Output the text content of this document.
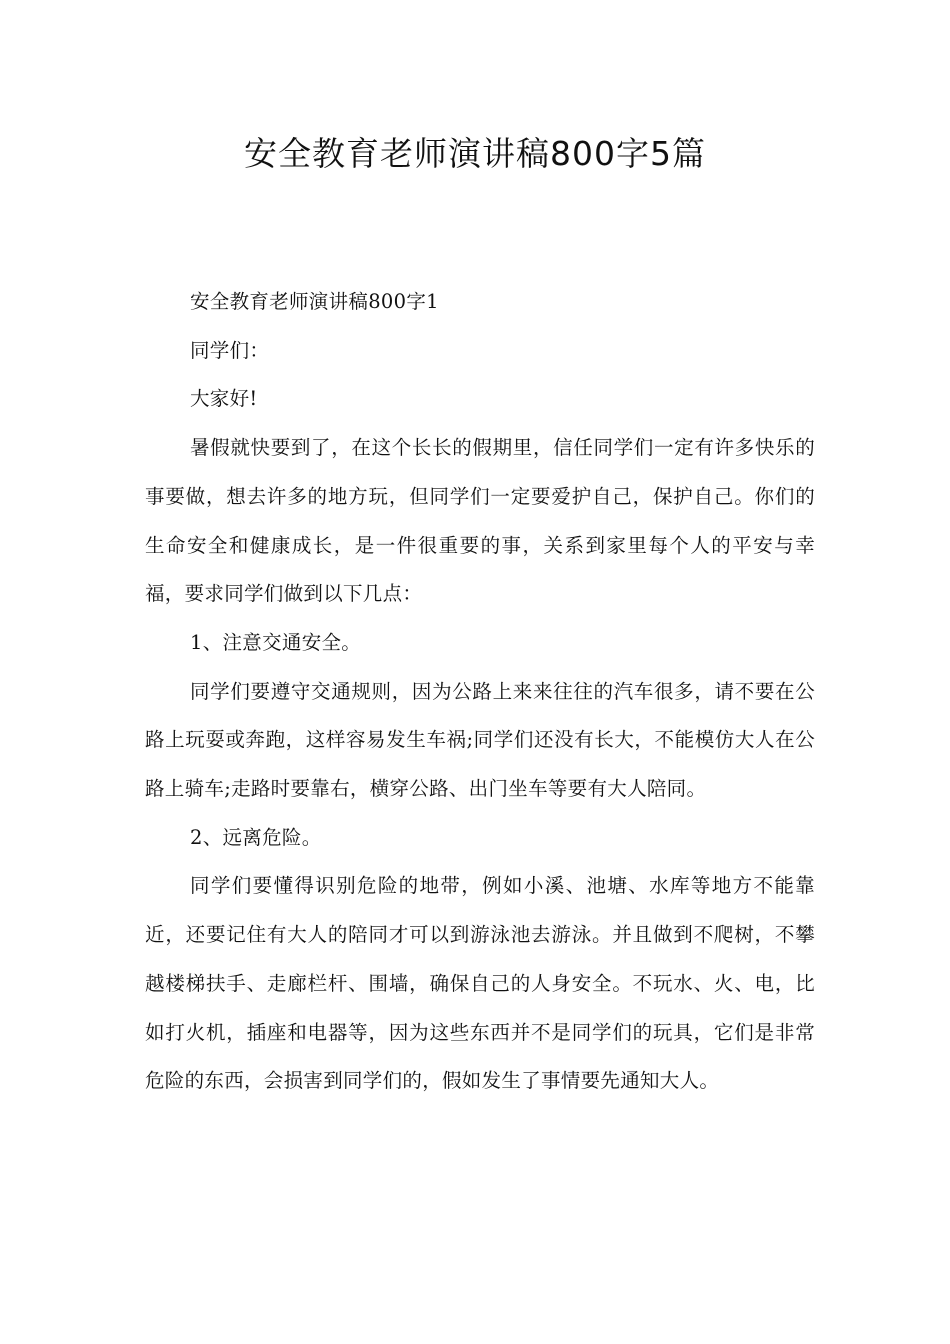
安全教育老师演讲稿800字5篇

安全教育老师演讲稿800字1

同学们：

大家好!

暑假就快要到了，在这个长长的假期里，信任同学们一定有许多快乐的事要做，想去许多的地方玩，但同学们一定要爱护自己，保护自己。你们的生命安全和健康成长，是一件很重要的事，关系到家里每个人的平安与幸福，要求同学们做到以下几点：

1、注意交通安全。

同学们要遵守交通规则，因为公路上来来往往的汽车很多，请不要在公路上玩耍或奔跑，这样容易发生车祸;同学们还没有长大，不能模仿大人在公路上骑车;走路时要靠右，横穿公路、出门坐车等要有大人陪同。

2、远离危险。

同学们要懂得识别危险的地带，例如小溪、池塘、水库等地方不能靠近，还要记住有大人的陪同才可以到游泳池去游泳。并且做到不爬树，不攀越楼梯扶手、走廊栏杆、围墙，确保自己的人身安全。不玩水、火、电，比如打火机，插座和电器等，因为这些东西并不是同学们的玩具，它们是非常危险的东西，会损害到同学们的，假如发生了事情要先通知大人。
